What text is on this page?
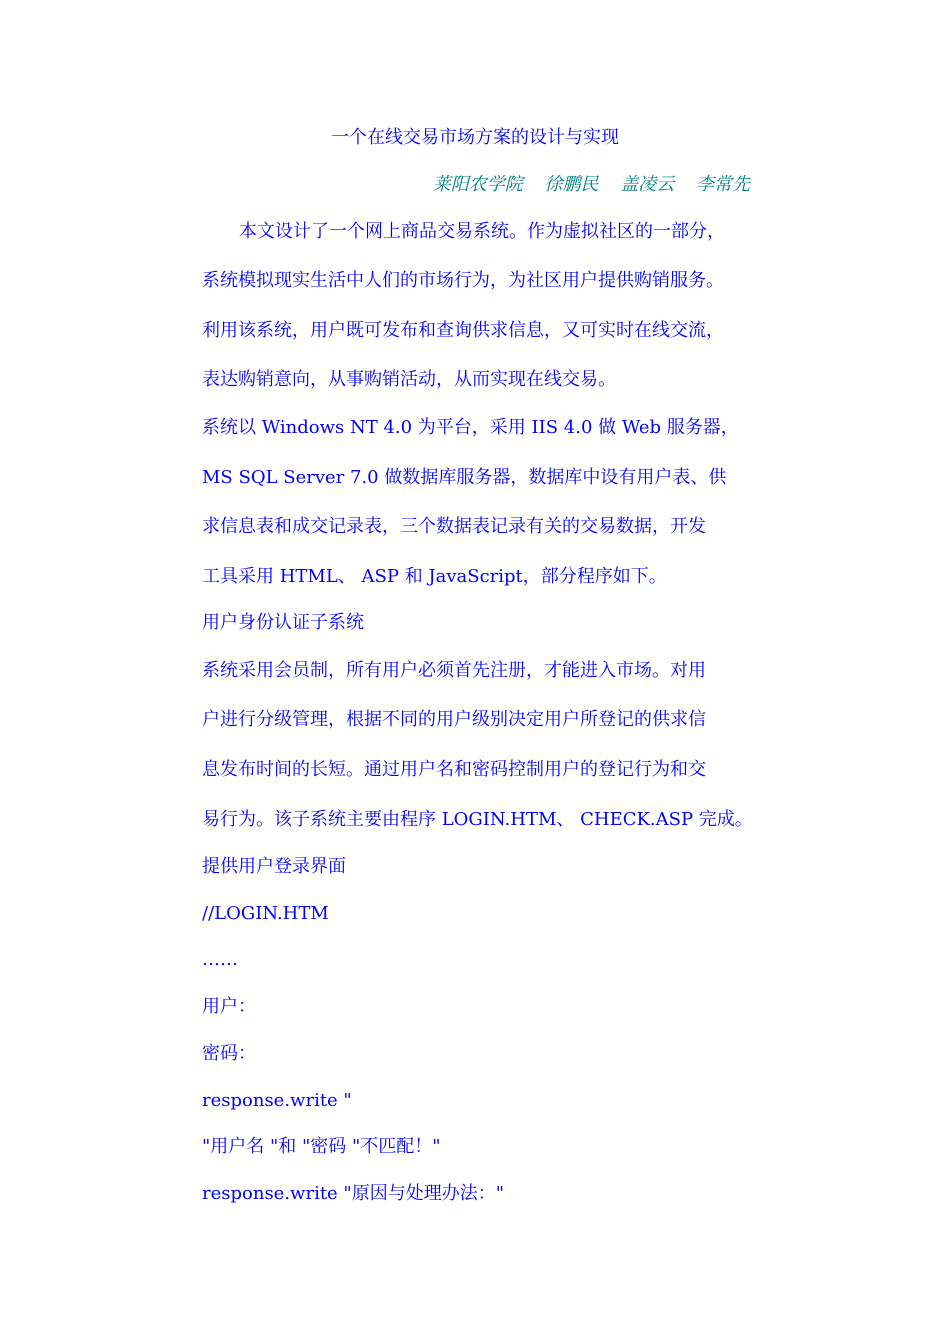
一个在线交易市场方案的设计与实现
莱阳农学院 徐鹏民 盖凌云 李常先
本文设计了一个网上商品交易系统。作为虚拟社区的一部分，
系统模拟现实生活中人们的市场行为，为社区用户提供购销服务。
利用该系统，用户既可发布和查询供求信息，又可实时在线交流，
表达购销意向，从事购销活动，从而实现在线交易。
系统以 Windows NT 4.0 为平台，采用 IIS 4.0 做 Web 服务器，
MS SQL Server 7.0 做数据库服务器，数据库中设有用户表、供
求信息表和成交记录表，三个数据表记录有关的交易数据，开发
工具采用 HTML、 ASP 和 JavaScript，部分程序如下。
用户身份认证子系统
系统采用会员制，所有用户必须首先注册，才能进入市场。对用
户进行分级管理，根据不同的用户级别决定用户所登记的供求信
息发布时间的长短。通过用户名和密码控制用户的登记行为和交
易行为。该子系统主要由程序 LOGIN.HTM、 CHECK.ASP 完成。
提供用户登录界面
//LOGIN.HTM
……
用户：
密码：
response.write "
"用户名 "和 "密码 "不匹配！"
response.write "原因与处理办法："
